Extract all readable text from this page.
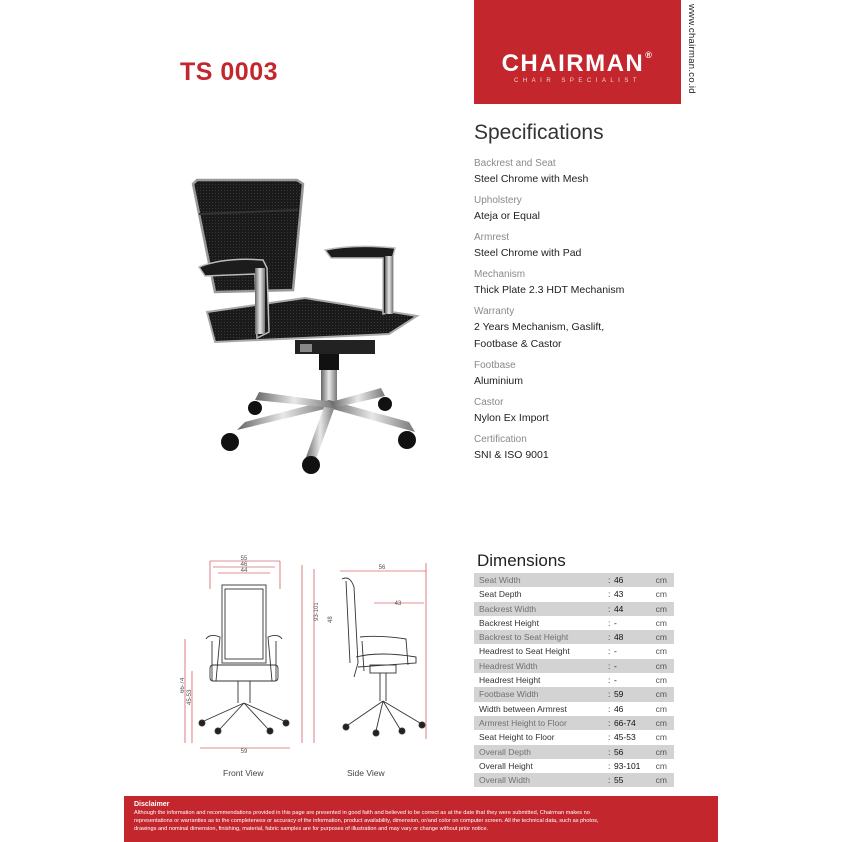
TS 0003	CHAIRMAN®
CHAIR SPECIALIST	www.chairman.co.id
Specifications
Backrest and Seat
Steel Chrome with Mesh
Upholstery
Ateja or Equal
Armrest
Steel Chrome with Pad
Mechanism
Thick Plate 2.3 HDT Mechanism
Warranty
2 Years Mechanism, Gaslift,
Footbase & Castor
Footbase
Aluminium
Castor
Nylon Ex Import
Certification
SNI & ISO 9001
55
46
44
66-74
45-53
59
56
43
93-101 48
Front View	Side View
Dimensions
Seat Width	:	46	cm
Seat Depth	:	43	cm
Backrest Width	:	44	cm
Backrest Height	:	-	cm
Backrest to Seat Height	:	48	cm
Headrest to Seat Height	:	-	cm
Headrest Width	:	-	cm
Headrest Height	:	-	cm
Footbase Width	:	59	cm
Width between Armrest	:	46	cm
Armrest Height to Floor	:	66-74	cm
Seat Height to Floor	:	45-53	cm
Overall Depth	:	56	cm
Overall Height	:	93-101	cm
Overall Width	:	55	cm
Disclaimer
Although the information and recommendations provided in this page are presented in good faith and believed to be correct as at the date that they were submitted, Chairman makes no
representations or warranties as to the completeness or accuracy of the information, product availability, dimension, or/and color on computer screen. All the technical data, such as photos,
drawings and nominal dimension, finishing, material, fabric samples are for purposes of illustration and may vary or change without prior notice.
